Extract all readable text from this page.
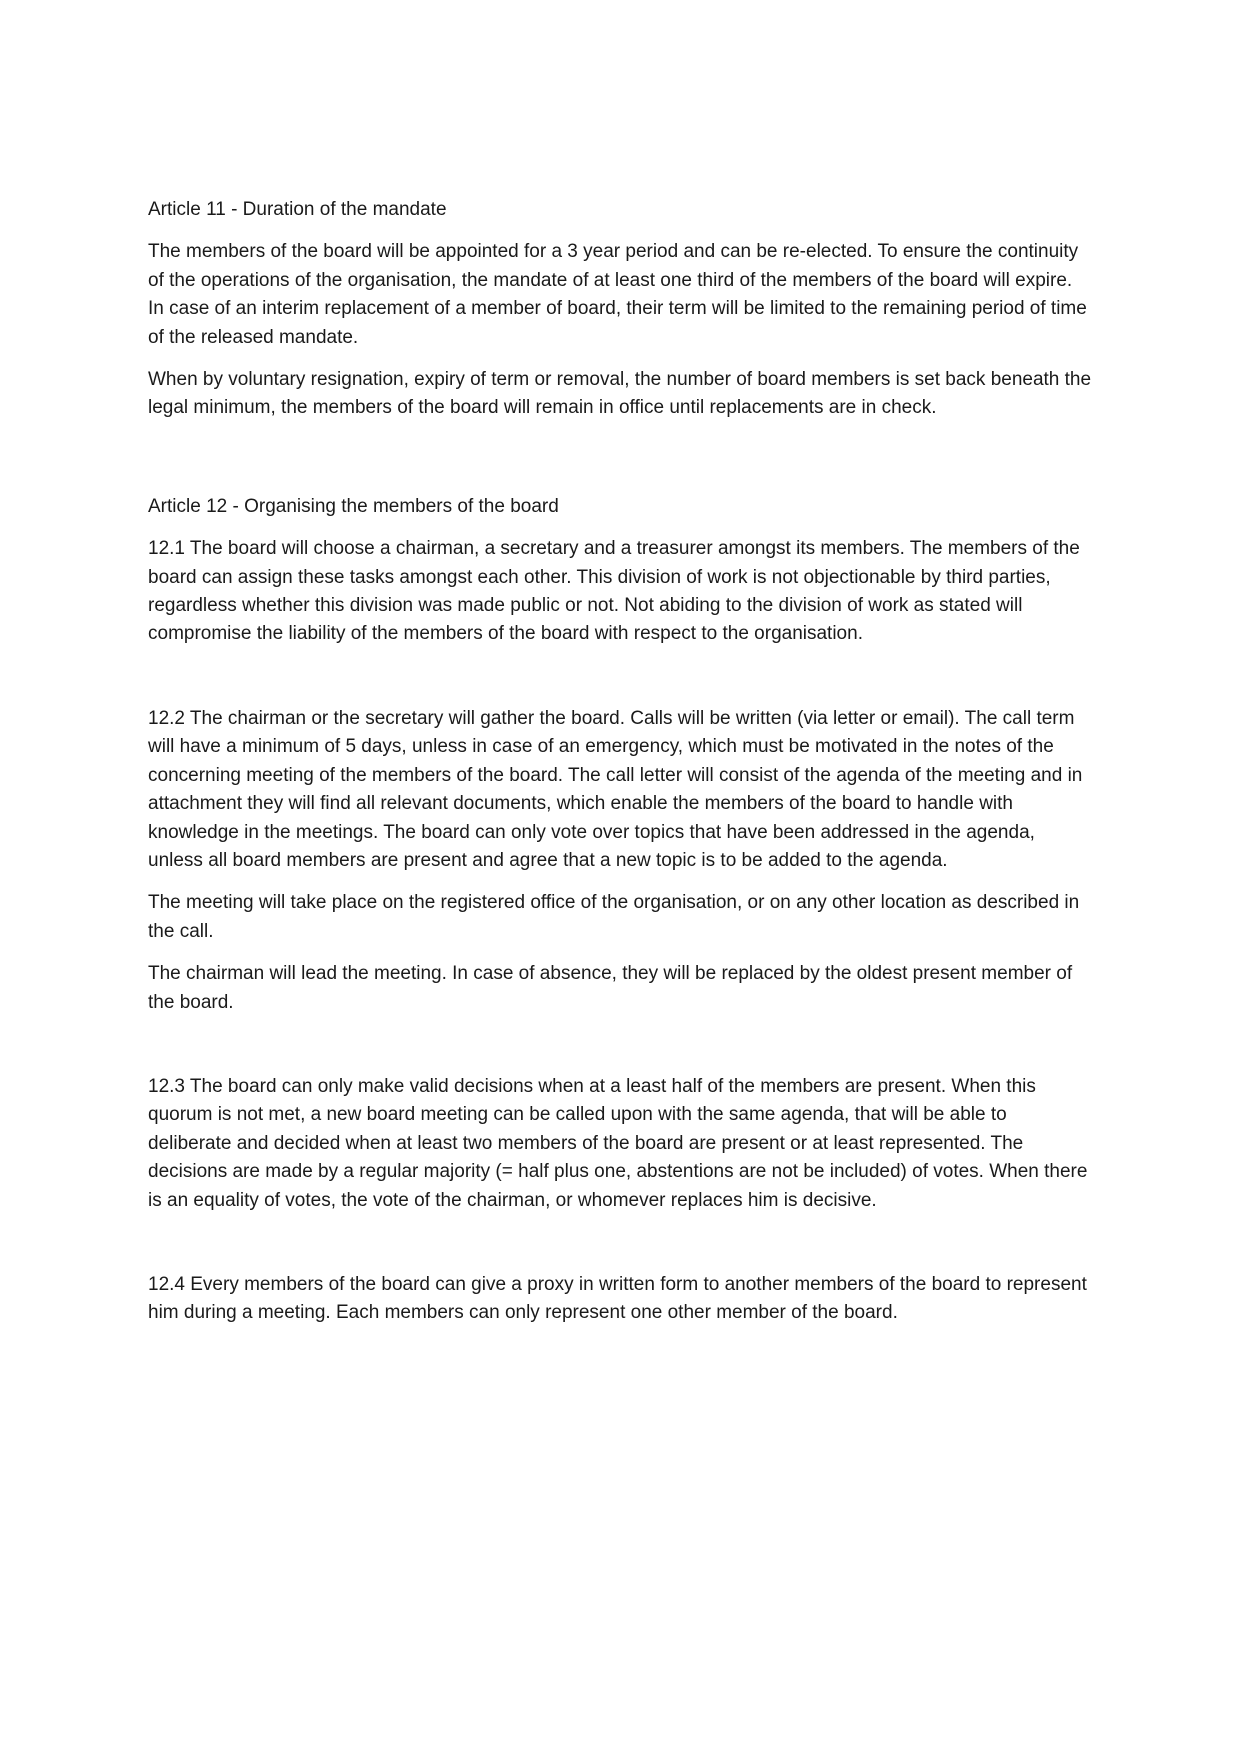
Article 11 - Duration of the mandate

The members of the board will be appointed for a 3 year period and can be re-elected. To ensure the continuity of the operations of the organisation, the mandate of at least one third of the members of the board will expire. In case of an interim replacement of a member of board, their term will be limited to the remaining period of time of the released mandate.

When by voluntary resignation, expiry of term or removal, the number of board members is set back beneath the legal minimum, the members of the board will remain in office until replacements are in check.

Article 12 - Organising the members of the board

12.1 The board will choose a chairman, a secretary and a treasurer amongst its members. The members of the board can assign these tasks amongst each other. This division of work is not objectionable by third parties, regardless whether this division was made public or not. Not abiding to the division of work as stated will compromise the liability of the members of the board with respect to the organisation.

12.2 The chairman or the secretary will gather the board. Calls will be written (via letter or email). The call term will have a minimum of 5 days, unless in case of an emergency, which must be motivated in the notes of the concerning meeting of the members of the board. The call letter will consist of the agenda of the meeting and in attachment they will find all relevant documents, which enable the members of the board to handle with knowledge in the meetings. The board can only vote over topics that have been addressed in the agenda, unless all board members are present and agree that a new topic is to be added to the agenda.

The meeting will take place on the registered office of the organisation, or on any other location as described in the call.

The chairman will lead the meeting. In case of absence, they will be replaced by the oldest present member of the board.

12.3 The board can only make valid decisions when at a least half of the members are present. When this quorum is not met, a new board meeting can be called upon with the same agenda, that will be able to deliberate and decided when at least two members of the board are present or at least represented. The decisions are made by a regular majority (= half plus one, abstentions are not be included) of votes. When there is an equality of votes, the vote of the chairman, or whomever replaces him is decisive.

12.4 Every members of the board can give a proxy in written form to another members of the board to represent him during a meeting. Each members can only represent one other member of the board.
